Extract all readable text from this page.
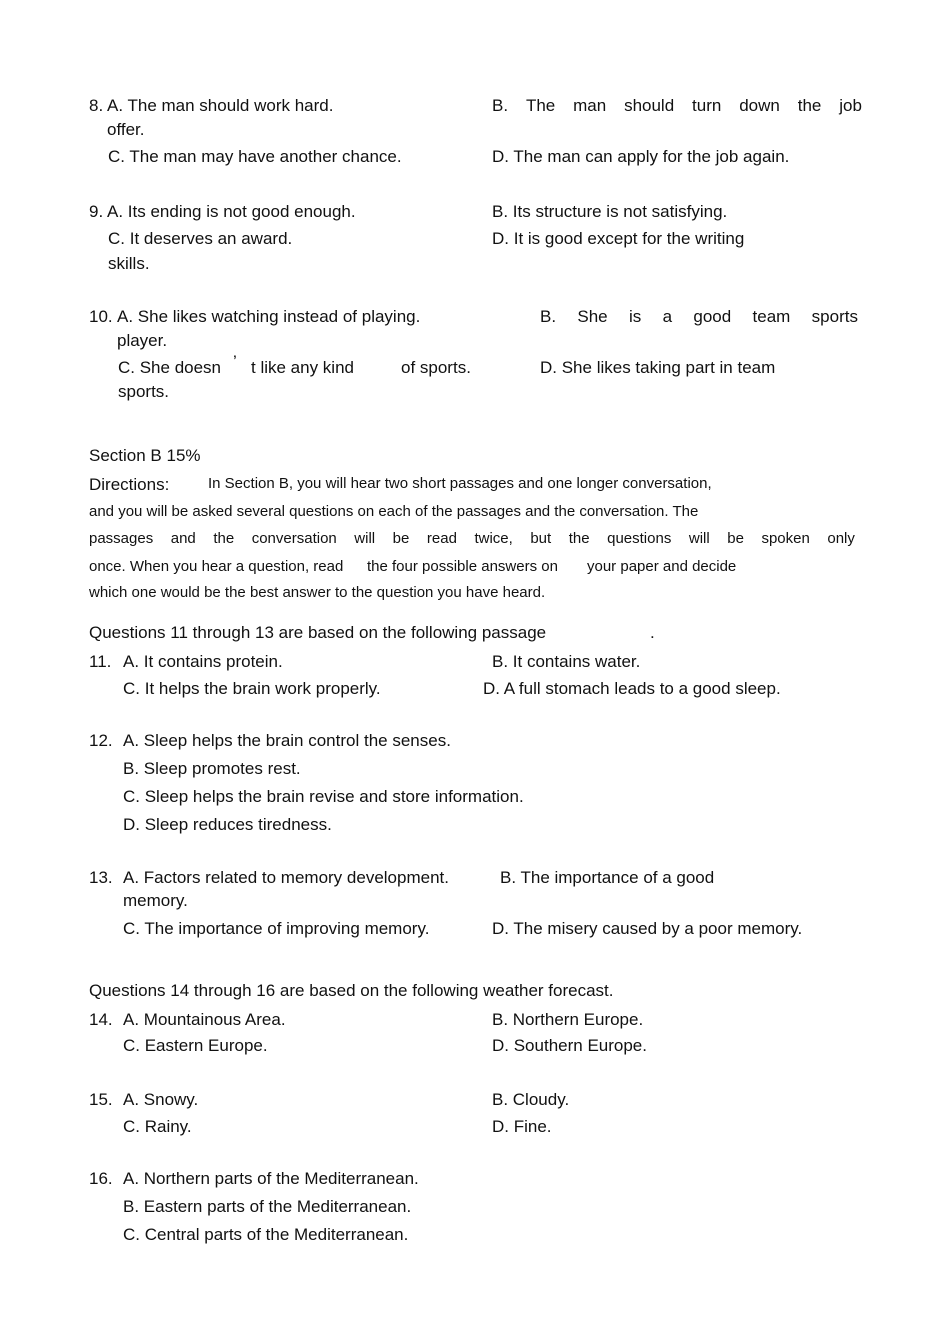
8. A. The man should work hard.	B. The man should turn down the job
offer.
C. The man may have another chance.	D. The man can apply for the job again.
9. A. Its ending is not good enough.	B. Its structure is not satisfying.
C. It deserves an award.	D. It is good except for the writing
skills.
10. A. She likes watching instead of playing.	B. She is a good team sports
player.
C. She doesn ’ t like any kind	of sports.	D. She likes taking part in team
sports.
Section B 15%
Directions:	In Section B, you will hear two short passages and one longer conversation,
and you will be asked several questions on each of the passages and the conversation. The
passages and the conversation will be read twice, but the questions will be spoken only
once. When you hear a question, read the four possible answers on your paper and decide
which one would be the best answer to the question you have heard.
Questions 11 through 13 are based on the following passage	.
11. A. It contains protein.	B. It contains water.
C. It helps the brain work properly.	D. A full stomach leads to a good sleep.
12. A. Sleep helps the brain control the senses.
B. Sleep promotes rest.
C. Sleep helps the brain revise and store information.
D. Sleep reduces tiredness.
13. A. Factors related to memory development.	B. The importance of a good
memory.
C. The importance of improving memory.	D. The misery caused by a poor memory.
Questions 14 through 16 are based on the following weather forecast.
14. A. Mountainous Area.	B. Northern Europe.
C. Eastern Europe.	D. Southern Europe.
15. A. Snowy.	B. Cloudy.
C. Rainy.	D. Fine.
16. A. Northern parts of the Mediterranean.
B. Eastern parts of the Mediterranean.
C. Central parts of the Mediterranean.
